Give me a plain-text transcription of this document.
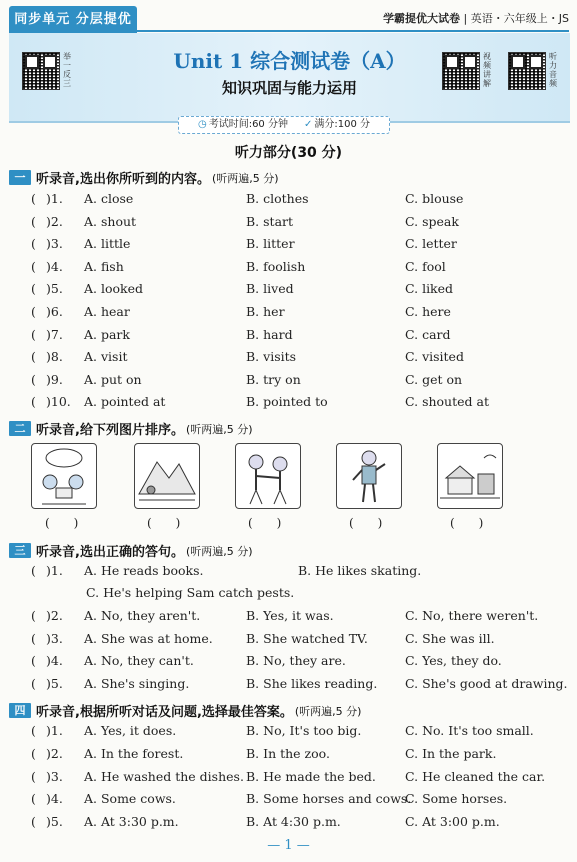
同步单元 分层提优	学霸提优大试卷 | 英语・六年级上・JS
Unit 1 综合测试卷（A）
知识巩固与能力运用
举一反三
视频讲解
听力音频
◷ 考试时间:60 分钟 ✓ 满分:100 分
听力部分(30 分)
一 听录音,选出你所听到的内容。 (听两遍,5 分)
( )1. A. close	B. clothes	C. blouse
( )2. A. shout	B. start	C. speak
( )3. A. little	B. litter	C. letter
( )4. A. fish	B. foolish	C. fool
( )5. A. looked	B. lived	C. liked
( )6. A. hear	B. her	C. here
( )7. A. park	B. hard	C. card
( )8. A. visit	B. visits	C. visited
( )9. A. put on	B. try on	C. get on
( )10. A. pointed at	B. pointed to	C. shouted at
二 听录音,给下列图片排序。 (听两遍,5 分)
(　　)	(　　)	(　　)	(　　)	(　　)
三 听录音,选出正确的答句。 (听两遍,5 分)
( )1. A. He reads books.	B. He likes skating.
C. He's helping Sam catch pests.
( )2. A. No, they aren't.	B. Yes, it was.	C. No, there weren't.
( )3. A. She was at home.	B. She watched TV.	C. She was ill.
( )4. A. No, they can't.	B. No, they are.	C. Yes, they do.
( )5. A. She's singing.	B. She likes reading. C. She's good at drawing.
四 听录音,根据所听对话及问题,选择最佳答案。 (听两遍,5 分)
( )1. A. Yes, it does.	B. No, It's too big.	C. No. It's too small.
( )2. A. In the forest.	B. In the zoo.	C. In the park.
( )3. A. He washed the dishes. B. He made the bed. C. He cleaned the car.
( )4. A. Some cows.	B. Some horses and cows.
C. Some horses.
( )5. A. At 3:30 p.m.	B. At 4:30 p.m.	C. At 3:00 p.m.
— 1 —
